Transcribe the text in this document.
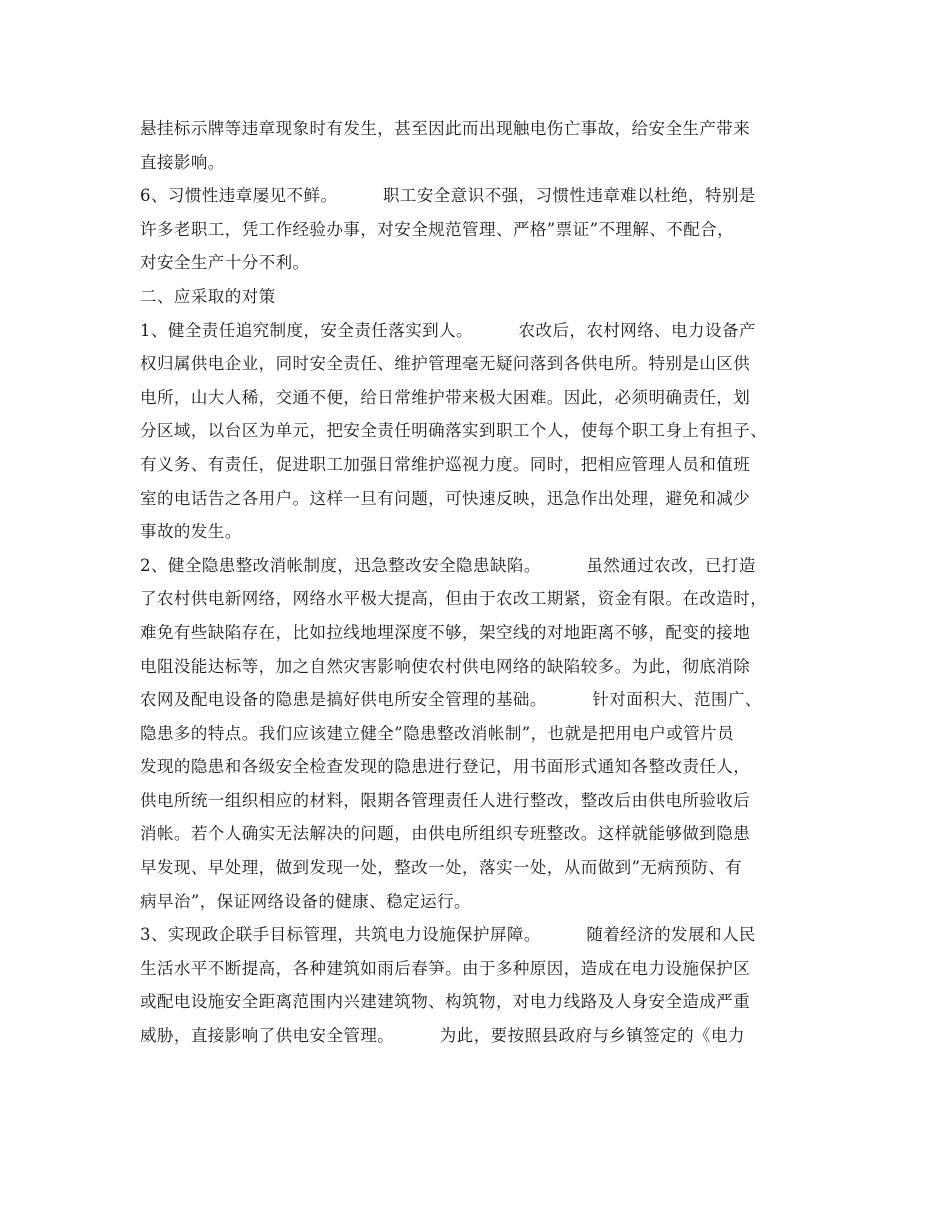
悬挂标示牌等违章现象时有发生，甚至因此而出现触电伤亡事故，给安全生产带来
直接影响。
6、习惯性违章屡见不鲜。        职工安全意识不强，习惯性违章难以杜绝，特别是
许多老职工，凭工作经验办事，对安全规范管理、严格”票证”不理解、不配合，
对安全生产十分不利。
二、应采取的对策
1、健全责任追究制度，安全责任落实到人。        农改后，农村网络、电力设备产
权归属供电企业，同时安全责任、维护管理毫无疑问落到各供电所。特别是山区供
电所，山大人稀，交通不便，给日常维护带来极大困难。因此，必须明确责任，划
分区域，以台区为单元，把安全责任明确落实到职工个人，使每个职工身上有担子、
有义务、有责任，促进职工加强日常维护巡视力度。同时，把相应管理人员和值班
室的电话告之各用户。这样一旦有问题，可快速反映，迅急作出处理，避免和减少
事故的发生。
2、健全隐患整改消帐制度，迅急整改安全隐患缺陷。        虽然通过农改，已打造
了农村供电新网络，网络水平极大提高，但由于农改工期紧，资金有限。在改造时，
难免有些缺陷存在，比如拉线地埋深度不够，架空线的对地距离不够，配变的接地
电阻没能达标等，加之自然灾害影响使农村供电网络的缺陷较多。为此，彻底消除
农网及配电设备的隐患是搞好供电所安全管理的基础。        针对面积大、范围广、
隐患多的特点。我们应该建立健全”隐患整改消帐制”，也就是把用电户或管片员
发现的隐患和各级安全检查发现的隐患进行登记，用书面形式通知各整改责任人，
供电所统一组织相应的材料，限期各管理责任人进行整改，整改后由供电所验收后
消帐。若个人确实无法解决的问题，由供电所组织专班整改。这样就能够做到隐患
早发现、早处理，做到发现一处，整改一处，落实一处，从而做到”无病预防、有
病早治”，保证网络设备的健康、稳定运行。
3、实现政企联手目标管理，共筑电力设施保护屏障。        随着经济的发展和人民
生活水平不断提高，各种建筑如雨后春笋。由于多种原因，造成在电力设施保护区
或配电设施安全距离范围内兴建建筑物、构筑物，对电力线路及人身安全造成严重
威胁，直接影响了供电安全管理。        为此，要按照县政府与乡镇签定的《电力
